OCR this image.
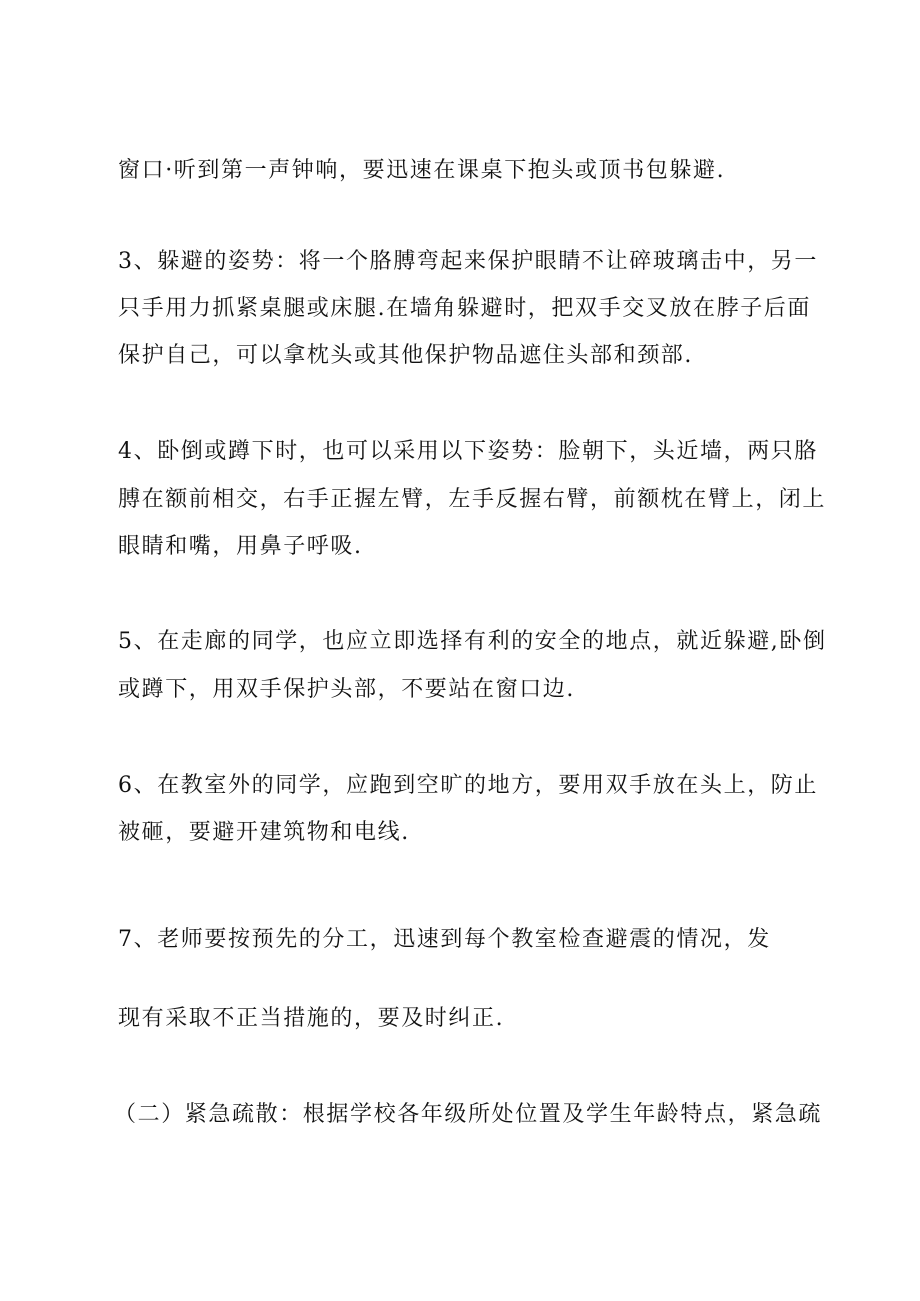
窗口·听到第一声钟响，要迅速在课桌下抱头或顶书包躲避.
3、躲避的姿势：将一个胳膊弯起来保护眼睛不让碎玻璃击中，另一
只手用力抓紧桌腿或床腿.在墙角躲避时，把双手交叉放在脖子后面
保护自己，可以拿枕头或其他保护物品遮住头部和颈部.
4、卧倒或蹲下时，也可以采用以下姿势：脸朝下，头近墙，两只胳
膊在额前相交，右手正握左臂，左手反握右臂，前额枕在臂上，闭上
眼睛和嘴，用鼻子呼吸.
5、在走廊的同学，也应立即选择有利的安全的地点，就近躲避,卧倒
或蹲下，用双手保护头部，不要站在窗口边.
6、在教室外的同学，应跑到空旷的地方，要用双手放在头上，防止
被砸，要避开建筑物和电线.
7、老师要按预先的分工，迅速到每个教室检查避震的情况，发
现有采取不正当措施的，要及时纠正.
（二）紧急疏散：根据学校各年级所处位置及学生年龄特点，紧急疏
